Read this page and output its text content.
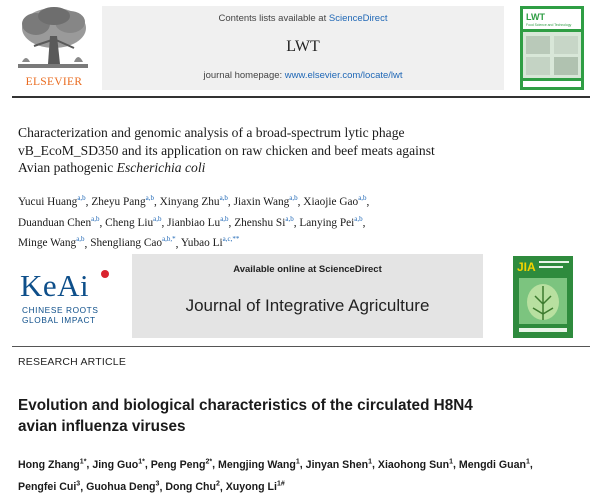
ELSEVIER
Contents lists available at ScienceDirect
LWT
journal homepage: www.elsevier.com/locate/lwt
LWT
Food Science and Technology
Characterization and genomic analysis of a broad-spectrum lytic phage
vB_EcoM_SD350 and its application on raw chicken and beef meats against
Avian pathogenic Escherichia coli
Yucui Huang$^{a,b}$, Zheyu Pang$^{a,b}$, Xinyang Zhu$^{a,b}$, Jiaxin Wang$^{a,b}$, Xiaojie Gao$^{a,b}$,
Duanduan Chen$^{a,b}$, Cheng Liu$^{a,b}$, Jianbiao Lu$^{a,b}$, Zhenshu Si$^{a,b}$, Lanying Pei$^{a,b}$,
Minge Wang$^{a,b}$, Shengliang Cao$^{a,b,*}$, Yubao $Li^{a,c,**}$
KeAi
CHINESE ROOTS
GLOBAL IMPACT
Available online at ScienceDirect
Journal of Integrative Agriculture
JIA
RESEARCH ARTICLE
Evolution and biological characteristics of the circulated H8N4
avian influenza viruses
Hong Zhang$^{1*}$, Jing Guo$^{1*}$, Peng Peng$^{2*}$, Mengjing Wang$^1$, Jinyan Shen$^1$, Xiaohong Sun$^1$, Mengdi Guan$^1$,
Pengfei Cui$^3$, Guohua Deng$^3$, Dong Chu$^2$, Xuyong $Li^{1\#}$
